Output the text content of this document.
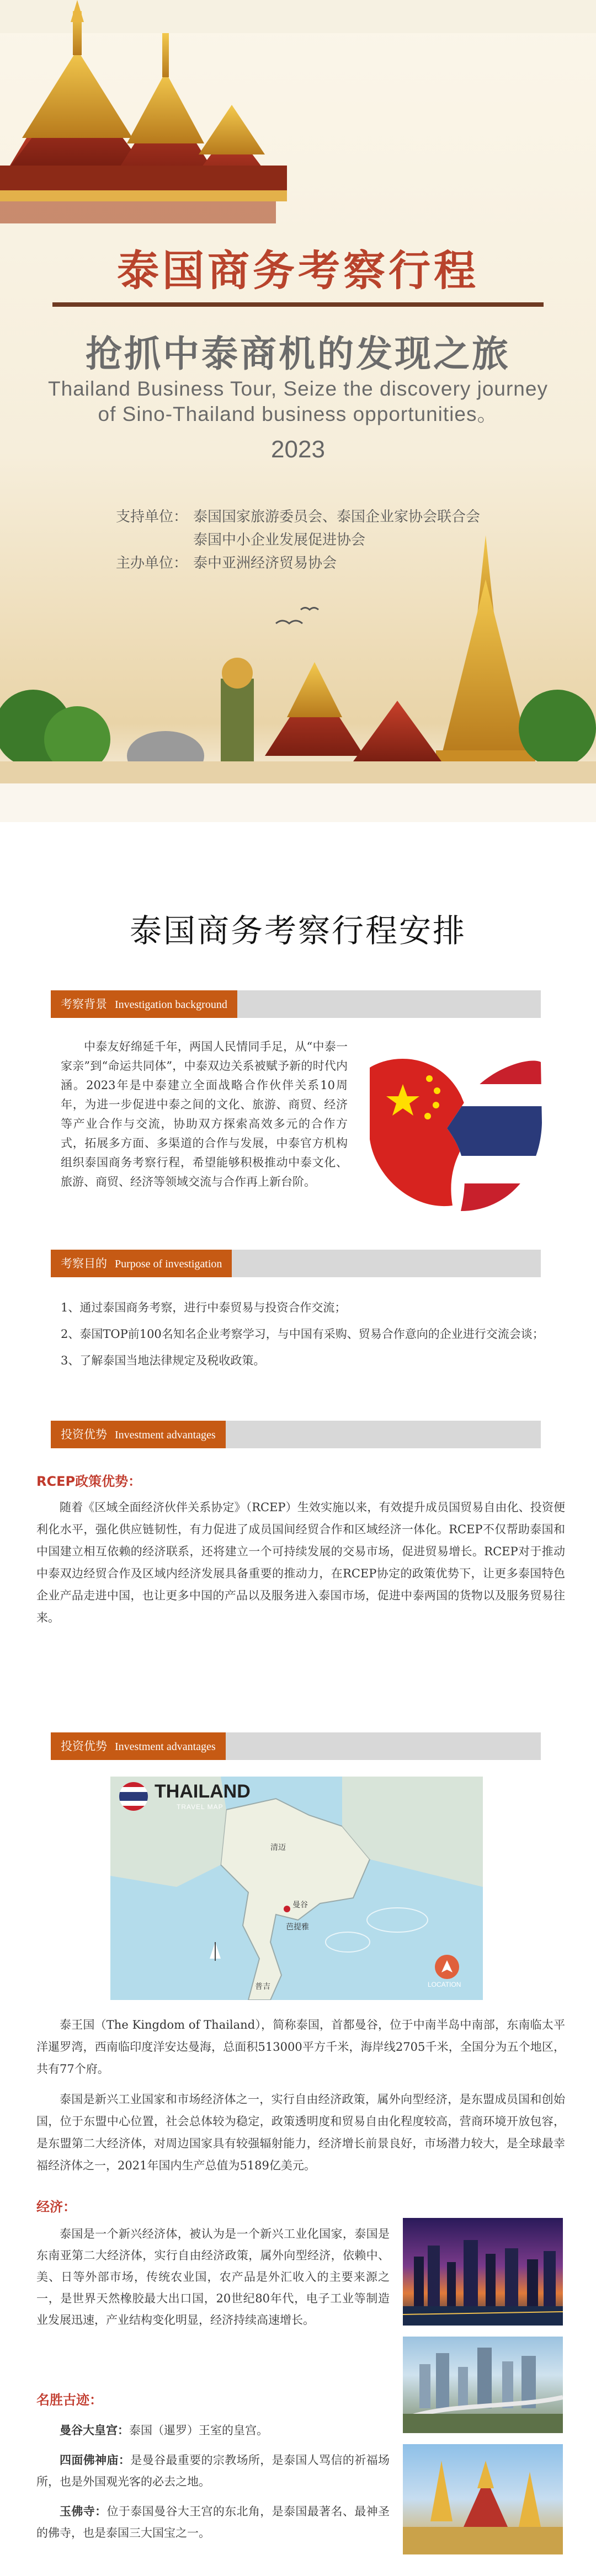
泰国商务考察行程
抢抓中泰商机的发现之旅
Thailand Business Tour, Seize the discovery journey
of Sino-Thailand business opportunities。
2023
支持单位： 泰国国家旅游委员会、泰国企业家协会联合会
泰国中小企业发展促进协会
主办单位： 泰中亚洲经济贸易协会
泰国商务考察行程安排
考察背景 Investigation background
中泰友好绵延千年，两国人民情同手足，从“中泰一家亲”到“命运共同体”，中泰双边关系被赋予新的时代内涵。2023年是中泰建立全面战略合作伙伴关系10周年，为进一步促进中泰之间的文化、旅游、商贸、经济等产业合作与交流，协助双方探索高效多元的合作方式，拓展多方面、多渠道的合作与发展，中泰官方机构组织泰国商务考察行程，希望能够积极推动中泰文化、旅游、商贸、经济等领域交流与合作再上新台阶。
考察目的 Purpose of investigation
1、通过泰国商务考察，进行中泰贸易与投资合作交流；
2、泰国TOP前100名知名企业考察学习，与中国有采购、贸易合作意向的企业进行交流会谈；
3、了解泰国当地法律规定及税收政策。
投资优势 Investment advantages
RCEP政策优势：
随着《区域全面经济伙伴关系协定》（RCEP）生效实施以来，有效提升成员国贸易自由化、投资便利化水平，强化供应链韧性，有力促进了成员国间经贸合作和区域经济一体化。RCEP不仅帮助泰国和中国建立相互依赖的经济联系，还将建立一个可持续发展的交易市场，促进贸易增长。RCEP对于推动中泰双边经贸合作及区域内经济发展具备重要的推动力，在RCEP协定的政策优势下，让更多泰国特色企业产品走进中国，也让更多中国的产品以及服务进入泰国市场，促进中泰两国的货物以及服务贸易往来。
投资优势 Investment advantages
THAILAND
TRAVEL MAP
清迈
曼谷
芭提雅
普吉	LOCATION
泰王国（The Kingdom of Thailand），简称泰国，首都曼谷，位于中南半岛中南部，东南临太平洋暹罗湾，西南临印度洋安达曼海，总面积513000平方千米，海岸线2705千米，全国分为五个地区，共有77个府。
泰国是新兴工业国家和市场经济体之一，实行自由经济政策，属外向型经济，是东盟成员国和创始国，位于东盟中心位置，社会总体较为稳定，政策透明度和贸易自由化程度较高，营商环境开放包容，是东盟第二大经济体，对周边国家具有较强辐射能力，经济增长前景良好，市场潜力较大，是全球最幸福经济体之一，2021年国内生产总值为5189亿美元。
经济：
泰国是一个新兴经济体，被认为是一个新兴工业化国家，泰国是东南亚第二大经济体，实行自由经济政策，属外向型经济，依赖中、美、日等外部市场，传统农业国，农产品是外汇收入的主要来源之一，是世界天然橡胶最大出口国，20世纪80年代，电子工业等制造业发展迅速，产业结构变化明显，经济持续高速增长。
名胜古迹：

曼谷大皇宫：泰国（暹罗）王室的皇宫。

四面佛神庙：是曼谷最重要的宗教场所，是泰国人骂信的祈福场所，也是外国观光客的必去之地。

玉佛寺：位于泰国曼谷大王宫的东北角，是泰国最著名、最神圣的佛寺，也是泰国三大国宝之一。
